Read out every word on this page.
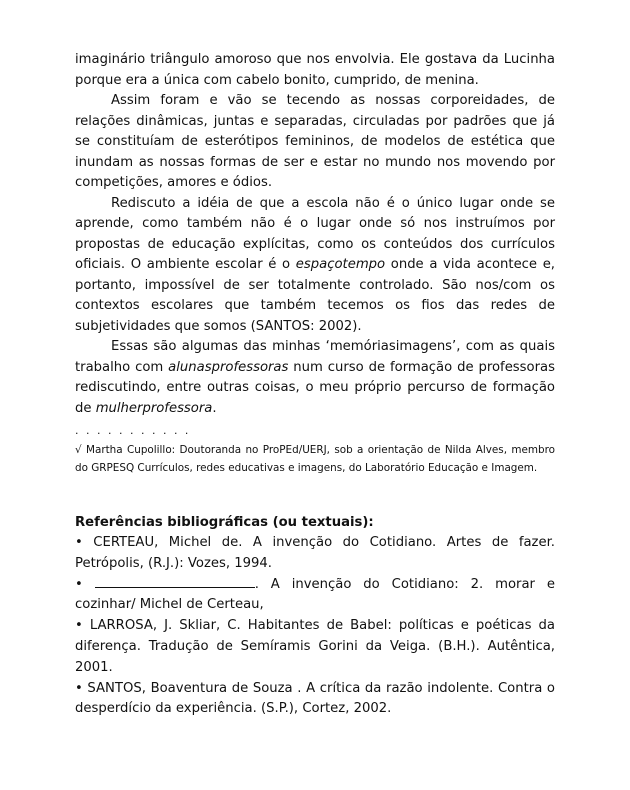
imaginário triângulo amoroso que nos envolvia. Ele gostava da Lucinha porque era a única com cabelo bonito, cumprido, de menina.

Assim foram e vão se tecendo as nossas corporeidades, de relações dinâmicas, juntas e separadas, circuladas por padrões que já se constituíam de esterótipos femininos, de modelos de estética que inundam as nossas formas de ser e estar no mundo nos movendo por competições, amores e ódios.

Rediscuto a idéia de que a escola não é o único lugar onde se aprende, como também não é o lugar onde só nos instruímos por propostas de educação explícitas, como os conteúdos dos currículos oficiais. O ambiente escolar é o espaçotempo onde a vida acontece e, portanto, impossível de ser totalmente controlado. São nos/com os contextos escolares que também tecemos os fios das redes de subjetividades que somos (SANTOS: 2002).

Essas são algumas das minhas ‘memóriasimagens’, com as quais trabalho com alunasprofessoras num curso de formação de professoras rediscutindo, entre outras coisas, o meu próprio percurso de formação de mulherprofessora.

. . . . . . . . . . .
√ Martha Cupolillo: Doutoranda no ProPEd/UERJ, sob a orientação de Nilda Alves, membro do GRPESQ Currículos, redes educativas e imagens, do Laboratório Educação e Imagem.
Referências bibliográficas (ou textuais):

• CERTEAU, Michel de. A invenção do Cotidiano. Artes de fazer. Petrópolis, (R.J.): Vozes, 1994.

•	. A invenção do Cotidiano: 2. morar e cozinhar/ Michel de Certeau,

• LARROSA, J. Skliar, C. Habitantes de Babel: políticas e poéticas da diferença. Tradução de Semíramis Gorini da Veiga. (B.H.). Autêntica, 2001.

• SANTOS, Boaventura de Souza . A crítica da razão indolente. Contra o desperdício da experiência. (S.P.), Cortez, 2002.
